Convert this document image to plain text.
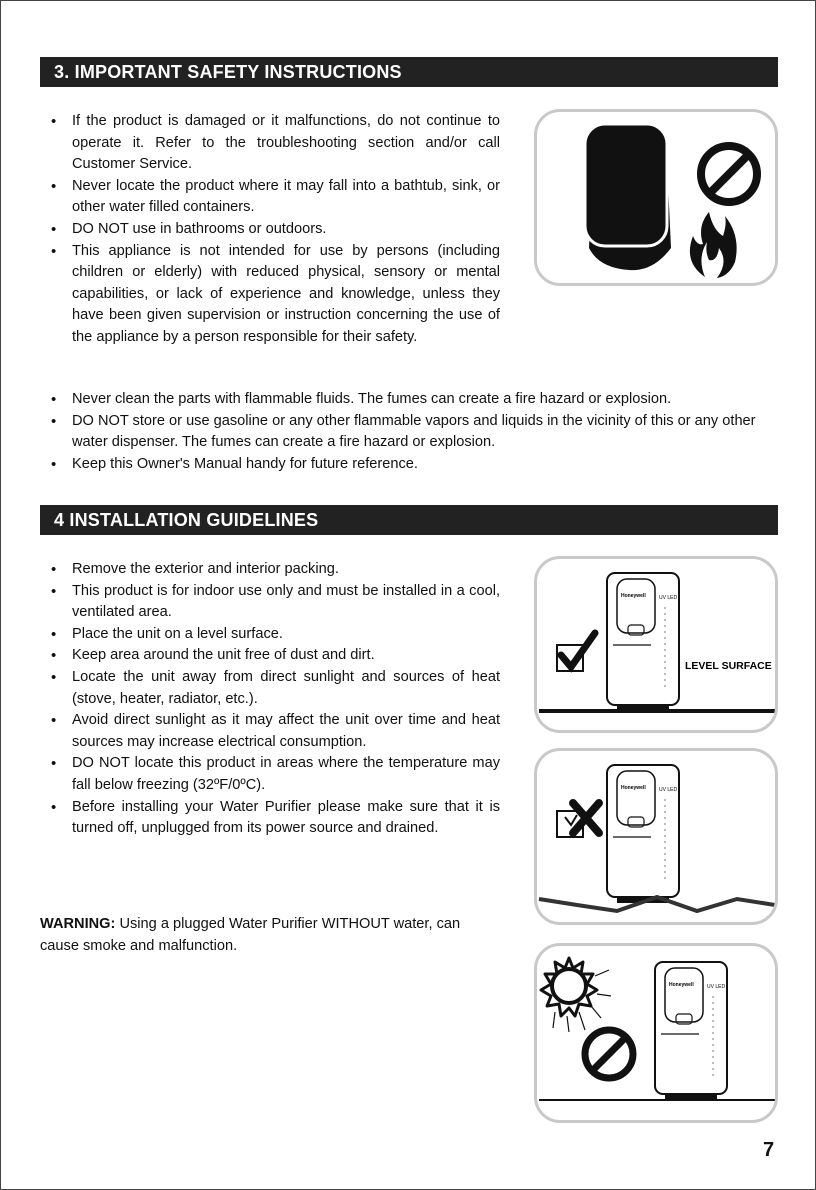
3. IMPORTANT SAFETY INSTRUCTIONS
• If the product is damaged or it malfunctions, do not continue to operate it. Refer to the troubleshooting section and/or call Customer Service.
• Never locate the product where it may fall into a bathtub, sink, or other water filled containers.
• DO NOT use in bathrooms or outdoors.
• This appliance is not intended for use by persons (including children or elderly) with reduced physical, sensory or mental capabilities, or lack of experience and knowledge, unless they have been given supervision or instruction concerning the use of the appliance by a person responsible for their safety.
• Never clean the parts with flammable fluids. The fumes can create a fire hazard or explosion.
• DO NOT store or use gasoline or any other flammable vapors and liquids in the vicinity of this or any other water dispenser. The fumes can create a fire hazard or explosion.
• Keep this Owner's Manual handy for future reference.
4 INSTALLATION GUIDELINES
• Remove the exterior and interior packing.
• This product is for indoor use only and must be installed in a cool, ventilated area.
• Place the unit on a level surface.
• Keep area around the unit free of dust and dirt.
• Locate the unit away from direct sunlight and sources of heat (stove, heater, radiator, etc.).
• Avoid direct sunlight as it may affect the unit over time and heat sources may increase electrical consumption.
• DO NOT locate this product in areas where the temperature may fall below freezing (32ºF/0ºC).
• Before installing your Water Purifier please make sure that it is turned off, unplugged from its power source and drained.
Honeywell	UV LED
LEVEL SURFACE
Honeywell	UV LED
Honeywell	UV LED
WARNING: Using a plugged Water Purifier WITHOUT water, can cause smoke and malfunction.
7
